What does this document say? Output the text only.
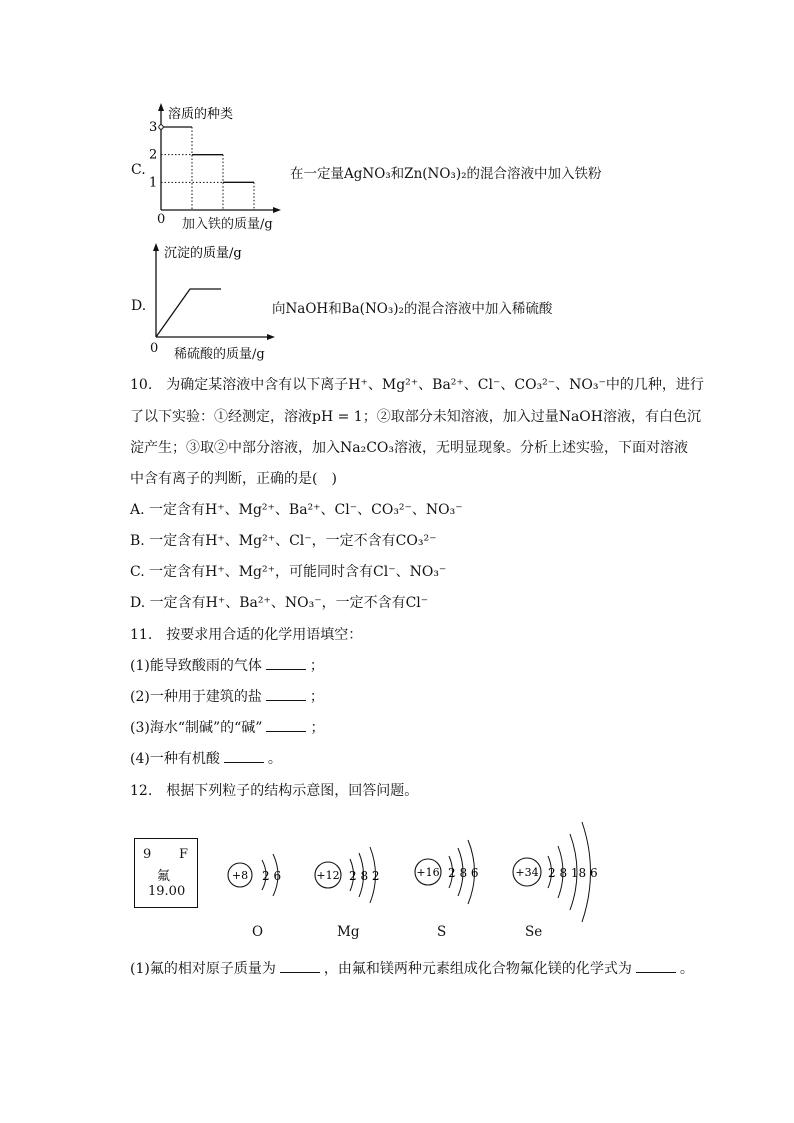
C.
1
2
3
溶质的种类
0 加入铁的质量/g
在一定量AgNO₃和Zn(NO₃)₂的混合溶液中加入铁粉
D.
沉淀的质量/g
0 稀硫酸的质量/g
向NaOH和Ba(NO₃)₂的混合溶液中加入稀硫酸
10.　为确定某溶液中含有以下离子H⁺、Mg²⁺、Ba²⁺、Cl⁻、CO₃²⁻、NO₃⁻中的几种，进行
了以下实验：①经测定，溶液pH = 1；②取部分未知溶液，加入过量NaOH溶液，有白色沉
淀产生；③取②中部分溶液，加入Na₂CO₃溶液，无明显现象。分析上述实验，下面对溶液
中含有离子的判断，正确的是(　)
A. 一定含有H⁺、Mg²⁺、Ba²⁺、Cl⁻、CO₃²⁻、NO₃⁻
B. 一定含有H⁺、Mg²⁺、Cl⁻，一定不含有CO₃²⁻
C. 一定含有H⁺、Mg²⁺，可能同时含有Cl⁻、NO₃⁻
D. 一定含有H⁺、Ba²⁺、NO₃⁻，一定不含有Cl⁻
11.　按要求用合适的化学用语填空：
(1)能导致酸雨的气体	；
(2)一种用于建筑的盐	；
(3)海水“制碱”的“碱”	；
(4)一种有机酸	。
12.　根据下列粒子的结构示意图，回答问题。
9 F
氟
19.00
+8 2 6	+12 2 8 2	+16 2 8 6	+34 2 8 18 6
O	Mg	S	Se
(1)氟的相对原子质量为	，由氟和镁两种元素组成化合物氟化镁的化学式为	。
